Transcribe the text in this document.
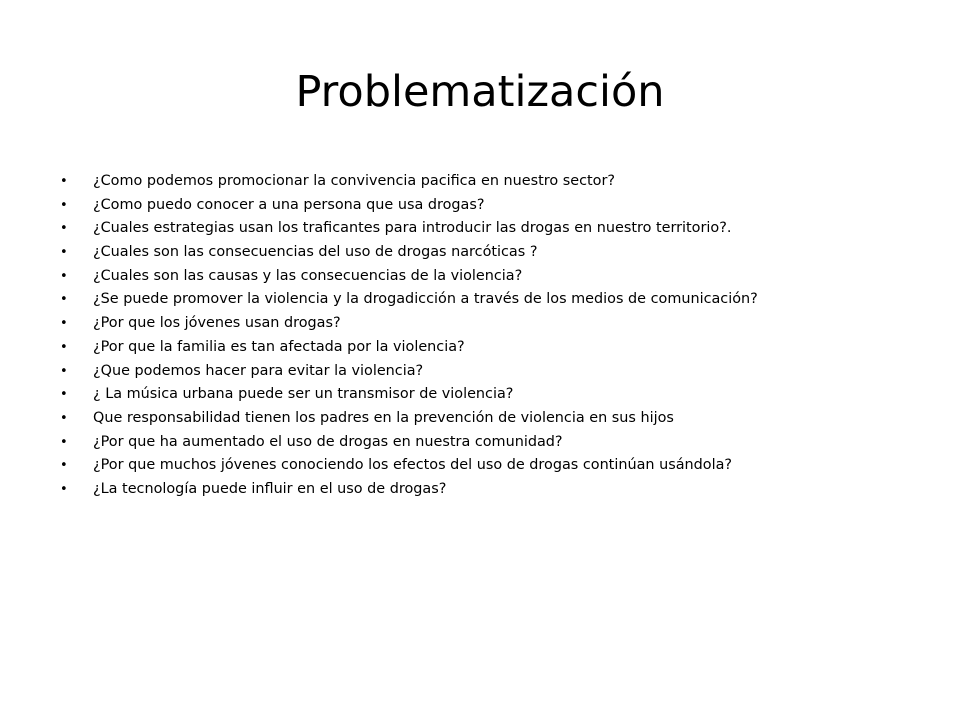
Problematización
• ¿Como podemos promocionar la convivencia pacifica en nuestro sector?
• ¿Como puedo conocer a una persona que usa drogas?
• ¿Cuales estrategias usan los traficantes para introducir las drogas en nuestro territorio?.
• ¿Cuales son las consecuencias del uso de drogas narcóticas ?
• ¿Cuales son las causas y las consecuencias de la violencia?
• ¿Se puede promover la violencia y la drogadicción a través de los medios de comunicación?
• ¿Por que los jóvenes usan drogas?
• ¿Por que la familia es tan afectada por la violencia?
• ¿Que podemos hacer para evitar la violencia?
• ¿ La música urbana puede ser un transmisor de violencia?
• Que responsabilidad tienen los padres en la prevención de violencia en sus hijos
• ¿Por que ha aumentado el uso de drogas en nuestra comunidad?
• ¿Por que muchos jóvenes conociendo los efectos del uso de drogas continúan usándola?
• ¿La tecnología puede influir en el uso de drogas?
